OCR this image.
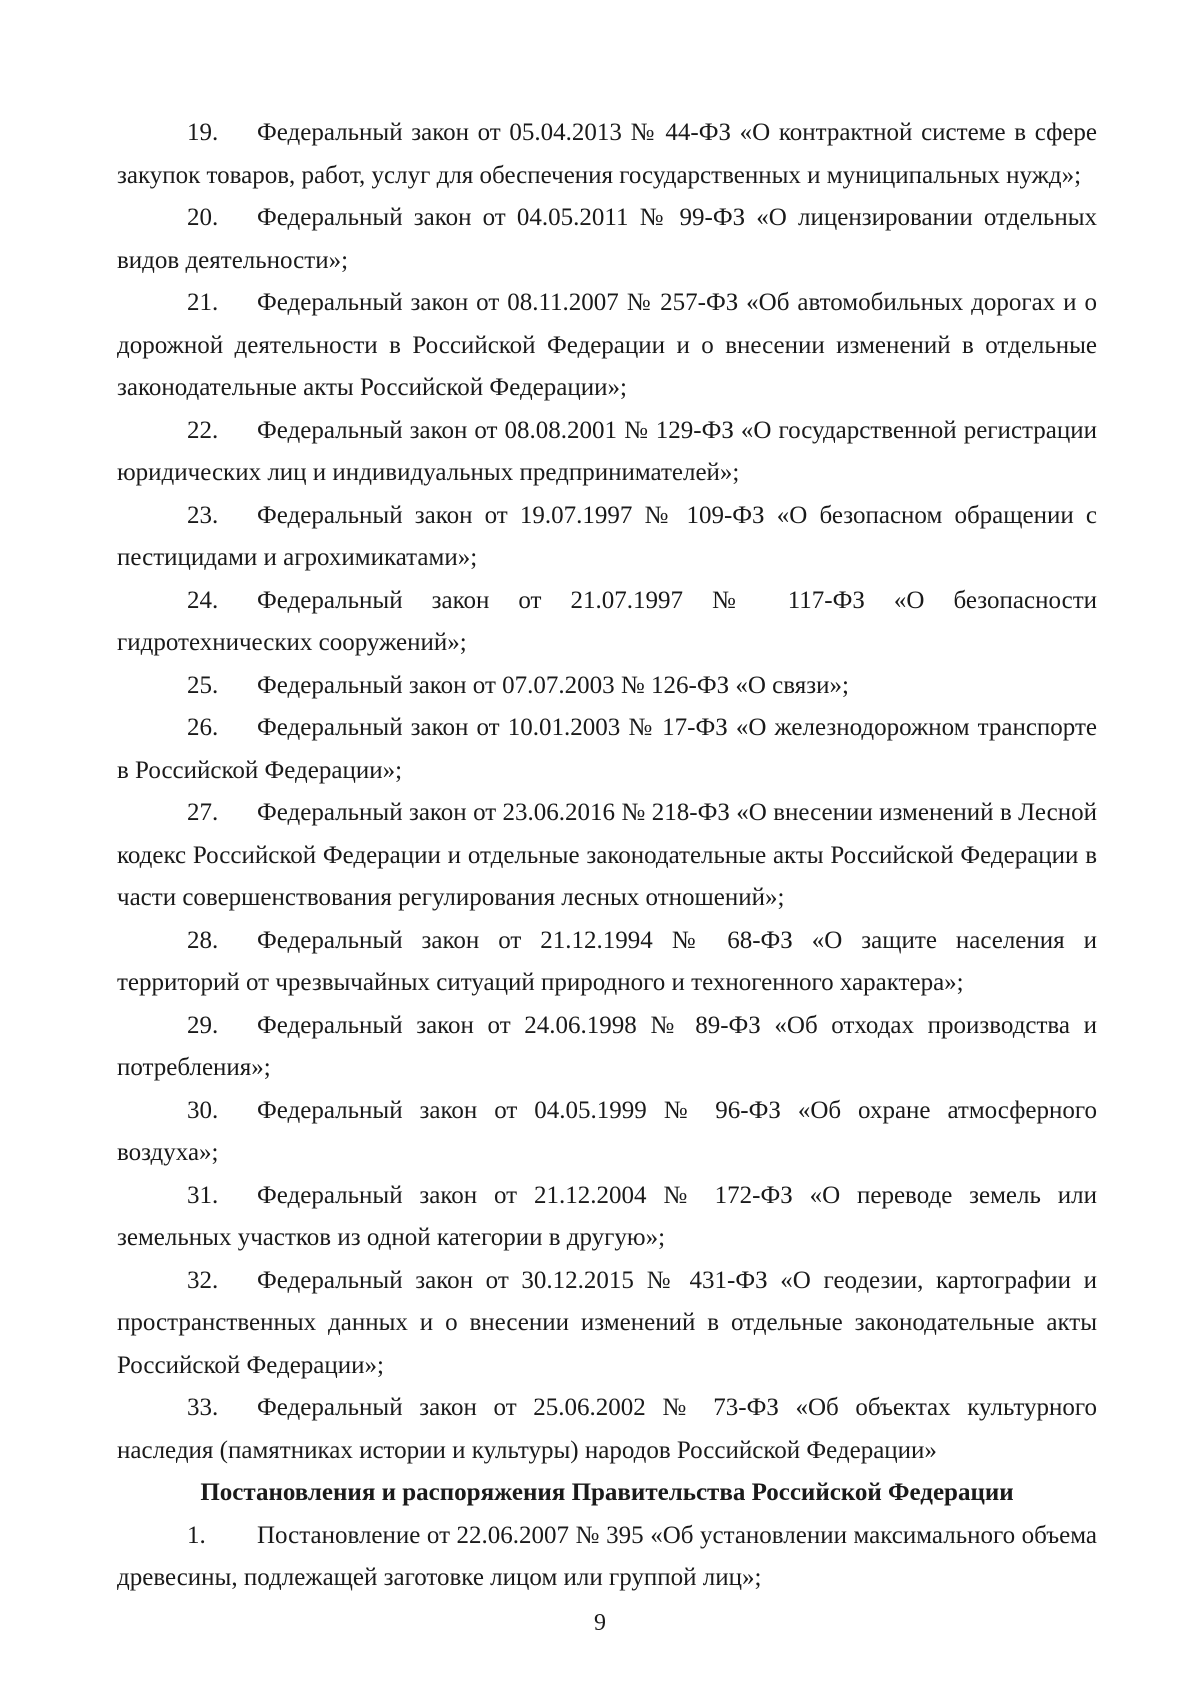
19. Федеральный закон от 05.04.2013 № 44-ФЗ «О контрактной системе в сфере закупок товаров, работ, услуг для обеспечения государственных и муниципальных нужд»;

20. Федеральный закон от 04.05.2011 № 99-ФЗ «О лицензировании отдельных видов деятельности»;

21. Федеральный закон от 08.11.2007 № 257-ФЗ «Об автомобильных дорогах и о дорожной деятельности в Российской Федерации и о внесении изменений в отдельные законодательные акты Российской Федерации»;

22. Федеральный закон от 08.08.2001 № 129-ФЗ «О государственной регистрации юридических лиц и индивидуальных предпринимателей»;

23. Федеральный закон от 19.07.1997 № 109-ФЗ «О безопасном обращении с пестицидами и агрохимикатами»;

24. Федеральный закон от 21.07.1997 № 117-ФЗ «О безопасности гидротехнических сооружений»;

25. Федеральный закон от 07.07.2003 № 126-ФЗ «О связи»;

26. Федеральный закон от 10.01.2003 № 17-ФЗ «О железнодорожном транспорте в Российской Федерации»;

27. Федеральный закон от 23.06.2016 № 218-ФЗ «О внесении изменений в Лесной кодекс Российской Федерации и отдельные законодательные акты Российской Федерации в части совершенствования регулирования лесных отношений»;

28. Федеральный закон от 21.12.1994 № 68-ФЗ «О защите населения и территорий от чрезвычайных ситуаций природного и техногенного характера»;

29. Федеральный закон от 24.06.1998 № 89-ФЗ «Об отходах производства и потребления»;

30. Федеральный закон от 04.05.1999 № 96-ФЗ «Об охране атмосферного воздуха»;

31. Федеральный закон от 21.12.2004 № 172-ФЗ «О переводе земель или земельных участков из одной категории в другую»;

32. Федеральный закон от 30.12.2015 № 431-ФЗ «О геодезии, картографии и пространственных данных и о внесении изменений в отдельные законодательные акты Российской Федерации»;

33. Федеральный закон от 25.06.2002 № 73-ФЗ «Об объектах культурного наследия (памятниках истории и культуры) народов Российской Федерации»

Постановления и распоряжения Правительства Российской Федерации

1. Постановление от 22.06.2007 № 395 «Об установлении максимального объема древесины, подлежащей заготовке лицом или группой лиц»;

9
